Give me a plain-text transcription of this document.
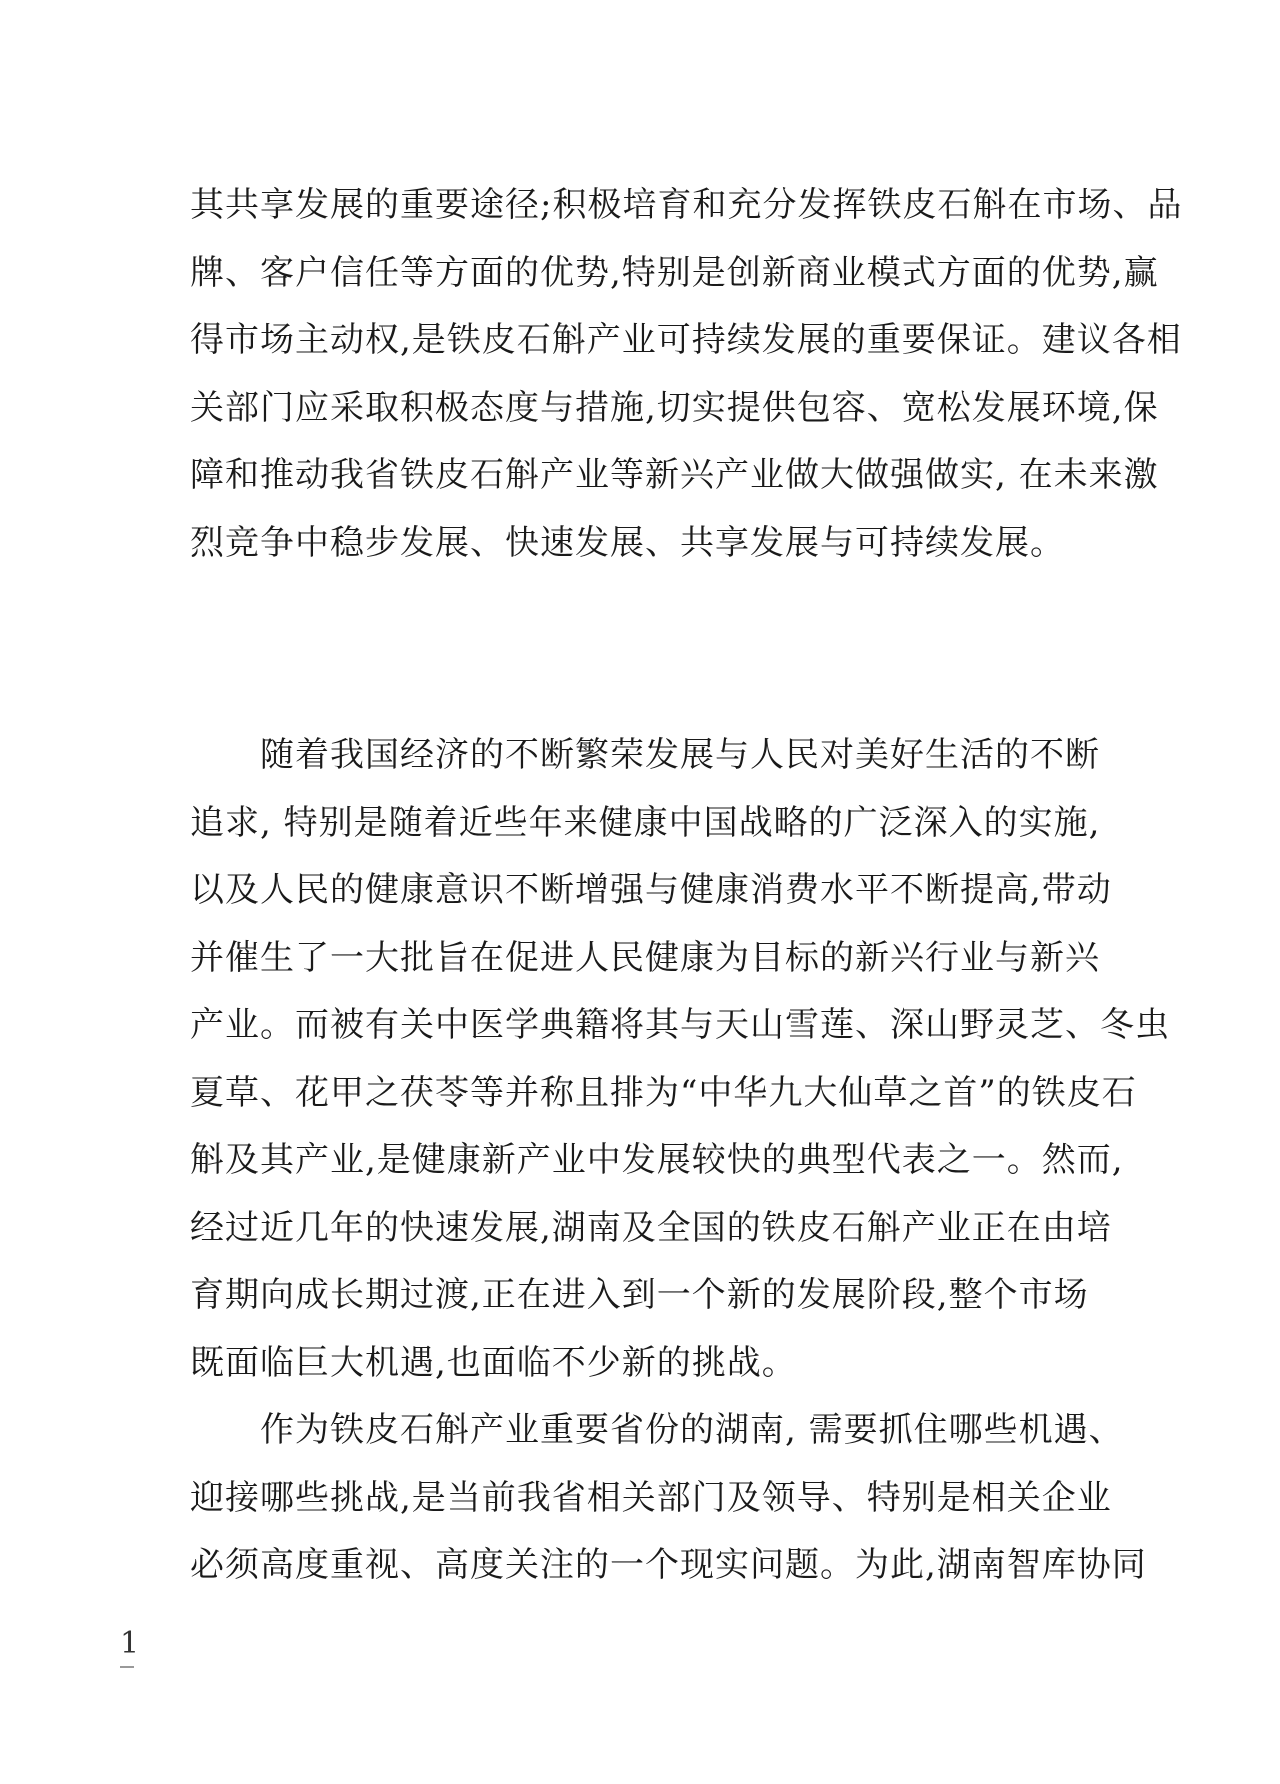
其共享发展的重要途径;积极培育和充分发挥铁皮石斛在市场、品
牌、客户信任等方面的优势,特别是创新商业模式方面的优势,赢
得市场主动权,是铁皮石斛产业可持续发展的重要保证。建议各相
关部门应采取积极态度与措施,切实提供包容、宽松发展环境,保
障和推动我省铁皮石斛产业等新兴产业做大做强做实, 在未来激
烈竞争中稳步发展、快速发展、共享发展与可持续发展。
　　随着我国经济的不断繁荣发展与人民对美好生活的不断
追求, 特别是随着近些年来健康中国战略的广泛深入的实施,
以及人民的健康意识不断增强与健康消费水平不断提高,带动
并催生了一大批旨在促进人民健康为目标的新兴行业与新兴
产业。而被有关中医学典籍将其与天山雪莲、深山野灵芝、冬虫
夏草、花甲之茯苓等并称且排为“中华九大仙草之首”的铁皮石
斛及其产业,是健康新产业中发展较快的典型代表之一。然而,
经过近几年的快速发展,湖南及全国的铁皮石斛产业正在由培
育期向成长期过渡,正在进入到一个新的发展阶段,整个市场
既面临巨大机遇,也面临不少新的挑战。
　　作为铁皮石斛产业重要省份的湖南, 需要抓住哪些机遇、
迎接哪些挑战,是当前我省相关部门及领导、特别是相关企业
必须高度重视、高度关注的一个现实问题。为此,湖南智库协同
1
